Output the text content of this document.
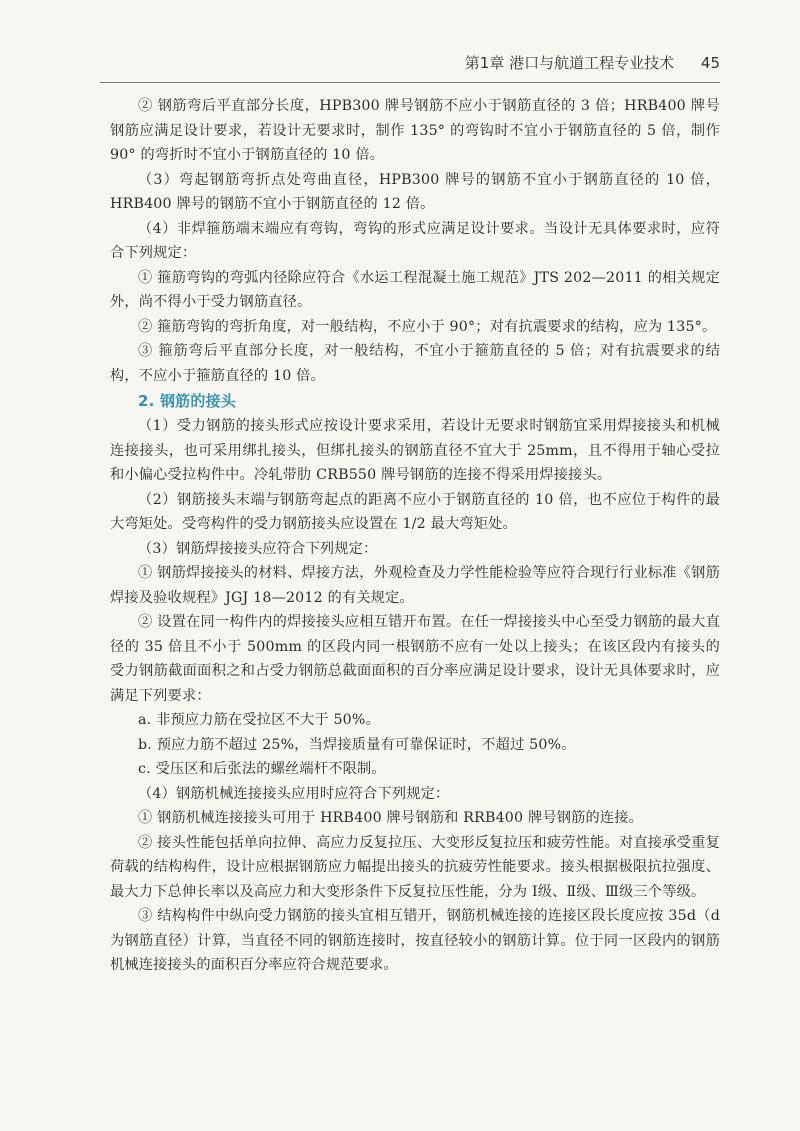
第1章 港口与航道工程专业技术 45

② 钢筋弯后平直部分长度，HPB300 牌号钢筋不应小于钢筋直径的 3 倍；HRB400 牌号钢筋应满足设计要求，若设计无要求时，制作 135° 的弯钩时不宜小于钢筋直径的 5 倍，制作 90° 的弯折时不宜小于钢筋直径的 10 倍。

（3）弯起钢筋弯折点处弯曲直径，HPB300 牌号的钢筋不宜小于钢筋直径的 10 倍，HRB400 牌号的钢筋不宜小于钢筋直径的 12 倍。

（4）非焊箍筋端末端应有弯钩，弯钩的形式应满足设计要求。当设计无具体要求时，应符合下列规定：

① 箍筋弯钩的弯弧内径除应符合《水运工程混凝土施工规范》JTS 202—2011 的相关规定外，尚不得小于受力钢筋直径。

② 箍筋弯钩的弯折角度，对一般结构，不应小于 90°；对有抗震要求的结构，应为 135°。

③ 箍筋弯后平直部分长度，对一般结构，不宜小于箍筋直径的 5 倍；对有抗震要求的结构，不应小于箍筋直径的 10 倍。

2. 钢筋的接头

（1）受力钢筋的接头形式应按设计要求采用，若设计无要求时钢筋宜采用焊接接头和机械连接接头，也可采用绑扎接头，但绑扎接头的钢筋直径不宜大于 25mm，且不得用于轴心受拉和小偏心受拉构件中。冷轧带肋 CRB550 牌号钢筋的连接不得采用焊接接头。

（2）钢筋接头末端与钢筋弯起点的距离不应小于钢筋直径的 10 倍，也不应位于构件的最大弯矩处。受弯构件的受力钢筋接头应设置在 1/2 最大弯矩处。

（3）钢筋焊接接头应符合下列规定：

① 钢筋焊接接头的材料、焊接方法，外观检查及力学性能检验等应符合现行行业标准《钢筋焊接及验收规程》JGJ 18—2012 的有关规定。

② 设置在同一构件内的焊接接头应相互错开布置。在任一焊接接头中心至受力钢筋的最大直径的 35 倍且不小于 500mm 的区段内同一根钢筋不应有一处以上接头；在该区段内有接头的受力钢筋截面面积之和占受力钢筋总截面面积的百分率应满足设计要求，设计无具体要求时，应满足下列要求：

a. 非预应力筋在受拉区不大于 50%。

b. 预应力筋不超过 25%，当焊接质量有可靠保证时，不超过 50%。

c. 受压区和后张法的螺丝端杆不限制。

（4）钢筋机械连接接头应用时应符合下列规定：

① 钢筋机械连接接头可用于 HRB400 牌号钢筋和 RRB400 牌号钢筋的连接。

② 接头性能包括单向拉伸、高应力反复拉压、大变形反复拉压和疲劳性能。对直接承受重复荷载的结构构件，设计应根据钢筋应力幅提出接头的抗疲劳性能要求。接头根据极限抗拉强度、最大力下总伸长率以及高应力和大变形条件下反复拉压性能，分为 Ⅰ级、Ⅱ级、Ⅲ级三个等级。

③ 结构构件中纵向受力钢筋的接头宜相互错开，钢筋机械连接的连接区段长度应按 35d（d 为钢筋直径）计算，当直径不同的钢筋连接时，按直径较小的钢筋计算。位于同一区段内的钢筋机械连接接头的面积百分率应符合规范要求。
